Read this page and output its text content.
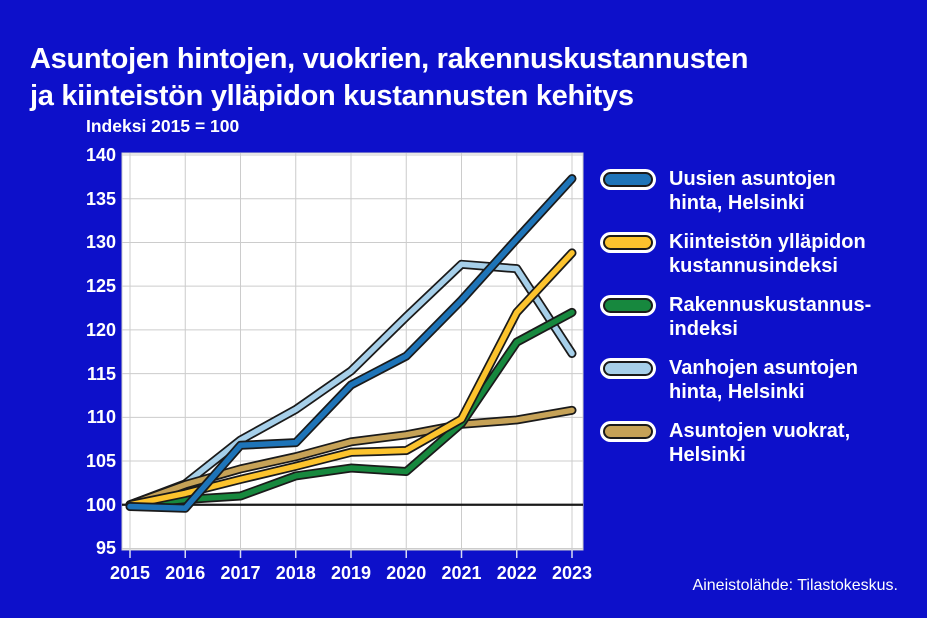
Asuntojen hintojen, vuokrien, rakennuskustannusten
ja kiinteistön ylläpidon kustannusten kehitys
Indeksi 2015 = 100
95
100
105
110
115
120
125
130
135
140
2015 2016 2017 2018 2019 2020 2021 2022 2023
Uusien asuntojen
hinta, Helsinki
Kiinteistön ylläpidon
kustannusindeksi
Rakennuskustannus-
indeksi
Vanhojen asuntojen
hinta, Helsinki
Asuntojen vuokrat,
Helsinki
Aineistolähde: Tilastokeskus.
